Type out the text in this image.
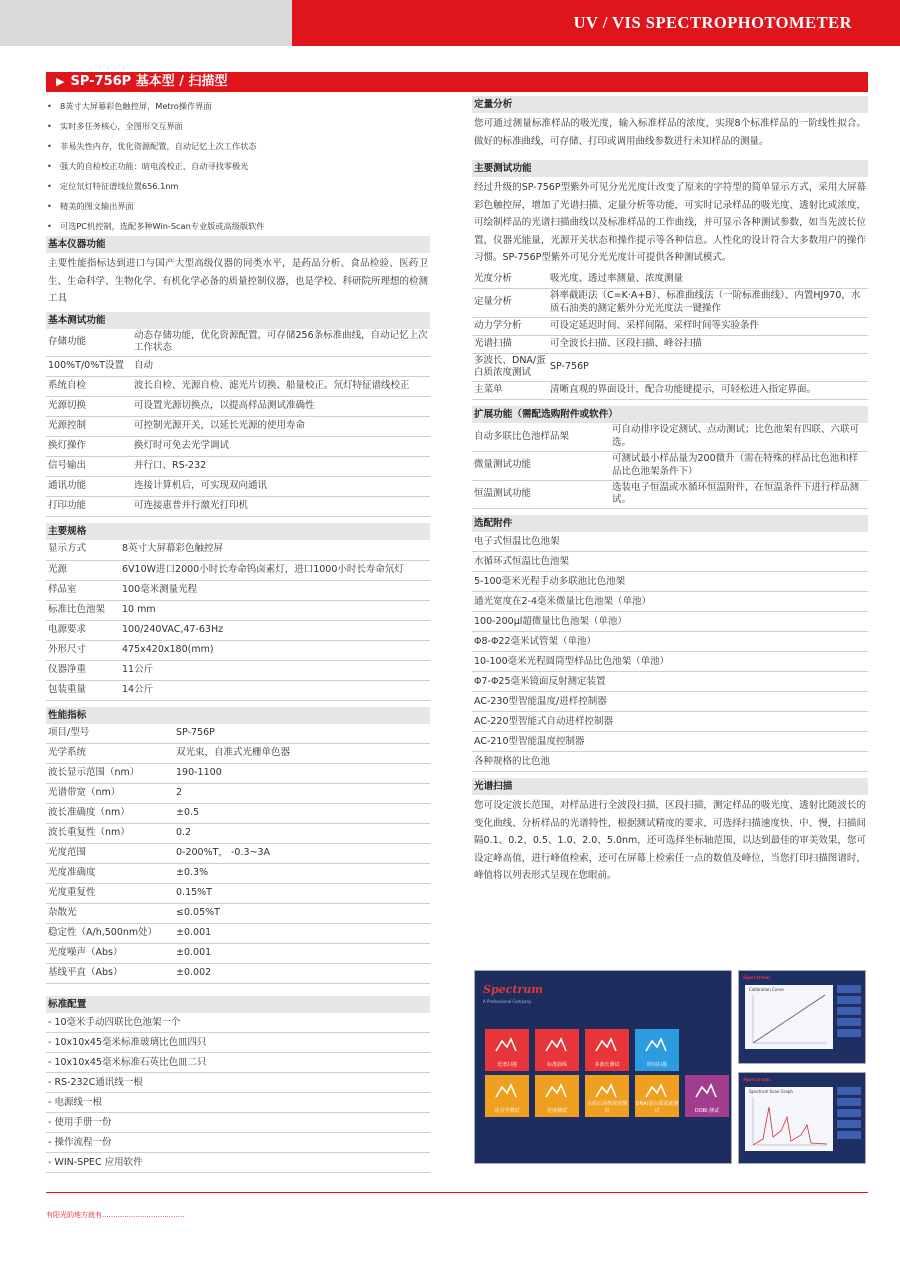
UV / VIS SPECTROPHOTOMETER
▶ SP-756P 基本型 / 扫描型
• 8英寸大屏幕彩色触控屏，Metro操作界面
• 实时多任务核心，全图形交互界面
• 非易失性内存，优化资源配置，自动记忆上次工作状态
• 强大的自检校正功能：暗电流校正、自动寻找零极光
• 定位氘灯特征谱线位置656.1nm
• 精美的图文输出界面
• 可选PC机控制，选配多种Win-Scan专业版或高级版软件
基本仪器功能
主要性能指标达到进口与国产大型高级仪器的同类水平，是药品分析、食品检验、医药卫生、生命科学、生物化学、有机化学必备的质量控制仪器，也是学校、科研院所理想的检测工具
基本测试功能
存储功能	动态存储功能，优化资源配置，可存储256条标准曲线，自动记忆上次工作状态
100%T/0%T设置	自动
系统自检	波长自检、光源自检、滤光片切换、船量校正。氘灯特征谱线校正
光源切换	可设置光源切换点，以提高样品测试准确性
光源控制	可控制光源开关，以延长光源的使用寿命
换灯操作	换灯时可免去光学调试
信号输出	并行口、RS-232
通讯功能	连接计算机后，可实现双向通讯
打印功能	可连接惠普并行激光打印机
主要规格
显示方式	8英寸大屏幕彩色触控屏
光源	6V10W进口2000小时长寿命钨卤素灯，进口1000小时长寿命氘灯
样品室	100毫米测量光程
标准比色池架	10 mm
电源要求	100/240VAC,47-63Hz
外形尺寸	475x420x180(mm)
仪器净重	11公斤
包装重量	14公斤
性能指标
项目/型号	SP-756P
光学系统	双光束，自准式光栅单色器
波长显示范围（nm）	190-1100
光谱带宽（nm）	2
波长准确度（nm）	±0.5
波长重复性（nm）	0.2
光度范围	0-200%T， -0.3~3A
光度准确度	±0.3%
光度重复性	0.15%T
杂散光	≤0.05%T
稳定性（A/h,500nm处）	±0.001
光度噪声（Abs）	±0.001
基线平直（Abs）	±0.002
标准配置
- 10毫米手动四联比色池架一个
- 10x10x45毫米标准玻璃比色皿四只
- 10x10x45毫米标准石英比色皿二只
- RS-232C通讯线一根
- 电源线一根
- 使用手册一份
- 操作流程一份
- WIN-SPEC 应用软件
定量分析
您可通过测量标准样品的吸光度，输入标准样品的浓度，实现8个标准样品的一阶线性拟合。做好的标准曲线，可存储、打印或调用曲线参数进行未知样品的测量。
主要测试功能
经过升级的SP-756P型紫外可见分光光度计改变了原来的字符型的简单显示方式，采用大屏幕彩色触控屏，增加了光谱扫描、定量分析等功能，可实时记录样品的吸光度、透射比或浓度，可绘制样品的光谱扫描曲线以及标准样品的工作曲线，并可显示各种测试参数，如当先波长位置，仪器光能量，光源开关状态和操作提示等各种信息。人性化的设计符合大多数用户的操作习惯。SP-756P型紫外可见分光光度计可提供各种测试模式。
光度分析	吸光度、透过率测量、浓度测量
定量分析	斜率截距法（C=K·A+B）、标准曲线法（一阶标准曲线）、内置HJ970，水质石油类的测定紫外分光光度法一键操作
动力学分析	可设定延迟时间、采样间隔、采样时间等实验条件
光谱扫描	可全波长扫描、区段扫描、峰谷扫描
多波长、DNA/蛋白质浓度测试	SP-756P
主菜单	清晰直观的界面设计，配合功能键提示，可轻松进入指定界面。
扩展功能（需配选购附件或软件）
自动多联比色池样品架	可自动排序设定测试、点动测试；比色池架有四联、六联可选。
微量测试功能	可测试最小样品量为200微升（需在特殊的样品比色池和样品比色池架条件下）
恒温测试功能	选装电子恒温或水循环恒温附件，在恒温条件下进行样品测试。
选配附件
电子式恒温比色池架
水循环式恒温比色池架
5-100毫米光程手动多联池比色池架
通光宽度在2-4毫米微量比色池架（单池）
100-200μl超微量比色池架（单池）
Φ8-Φ22毫米试管架（单池）
10-100毫米光程圆筒型样品比色池架（单池）
Φ7-Φ25毫米镜面反射测定装置
AC-230型智能温度/进样控制器
AC-220型智能式自动进样控制器
AC-210型智能温度控制器
各种规格的比色池
光谱扫描
您可设定波长范围，对样品进行全波段扫描，区段扫描，测定样品的吸光度、透射比随波长的变化曲线、分析样品的光谱特性，根据测试精度的要求，可选择扫描速度快、中、慢，扫描间隔0.1、0.2、0.5、1.0、2.0、5.0nm，还可选择坐标轴范围，以达到最佳的审美效果，您可设定峰高值，进行峰值检索，还可在屏幕上检索任一点的数值及峰位，当您打印扫描图谱时，峰值将以列表形式呈现在您眼前。
Spectrum
A Professional Company
光谱扫描	标准曲线	多波长测试	时间扫描
动力学测试	光度测试
水质石油类浓度测试
DNA/蛋白质浓度测试	DOBI 测试
Spectrum
Calibration Curve
Spectrum
Spectrum Scan Graph
有阳光的地方就有.....................................
